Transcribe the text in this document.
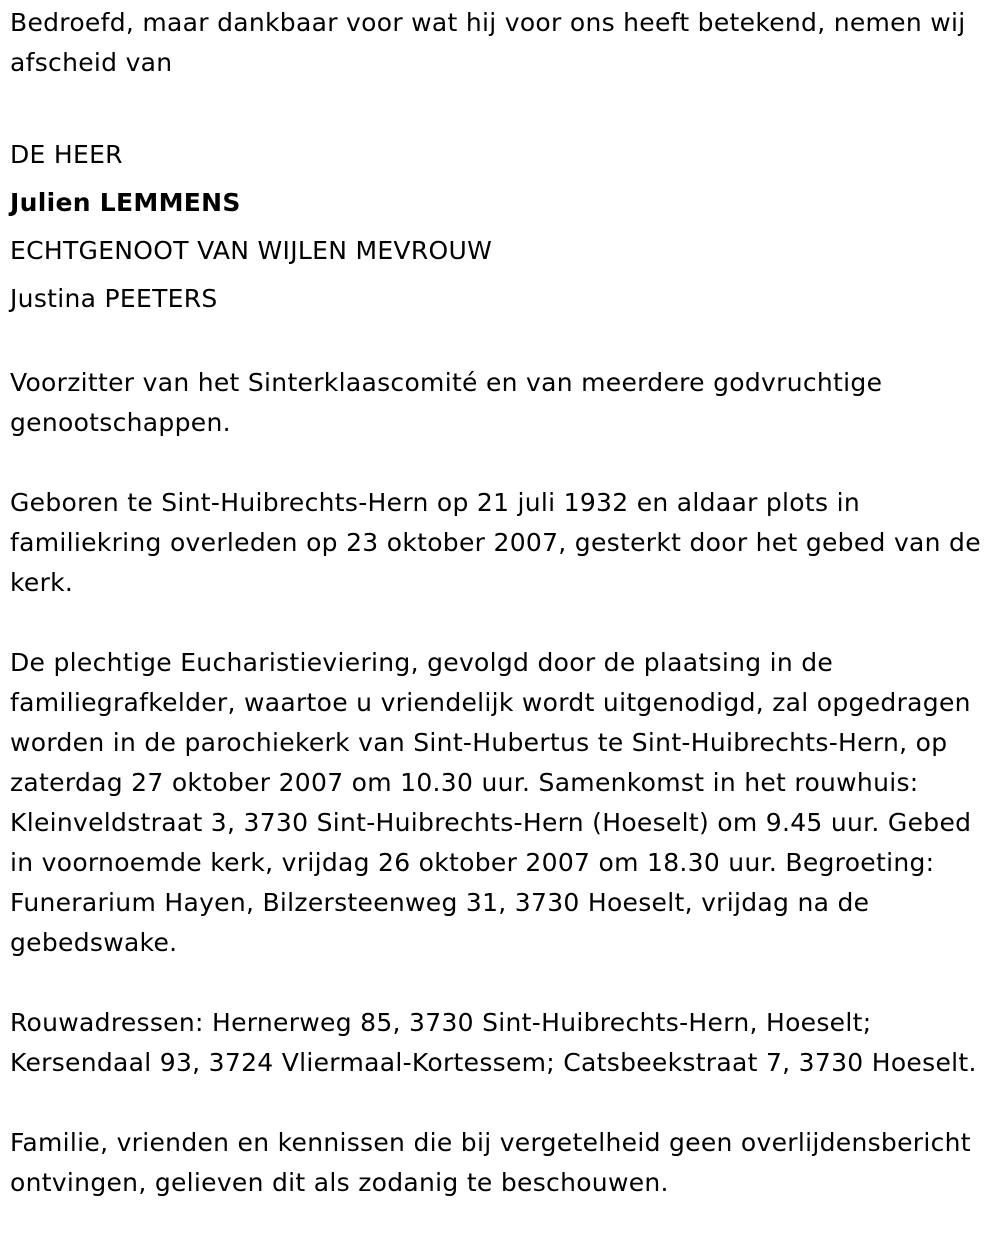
Bedroefd, maar dankbaar voor wat hij voor ons heeft betekend, nemen wij afscheid van

DE HEER

Julien LEMMENS

ECHTGENOOT VAN WIJLEN MEVROUW

Justina PEETERS

Voorzitter van het Sinterklaascomité en van meerdere godvruchtige genootschappen.

Geboren te Sint-Huibrechts-Hern op 21 juli 1932 en aldaar plots in familiekring overleden op 23 oktober 2007, gesterkt door het gebed van de kerk.

De plechtige Eucharistieviering, gevolgd door de plaatsing in de familiegrafkelder, waartoe u vriendelijk wordt uitgenodigd, zal opgedragen worden in de parochiekerk van Sint-Hubertus te Sint-Huibrechts-Hern, op zaterdag 27 oktober 2007 om 10.30 uur. Samenkomst in het rouwhuis: Kleinveldstraat 3, 3730 Sint-Huibrechts-Hern (Hoeselt) om 9.45 uur. Gebed in voornoemde kerk, vrijdag 26 oktober 2007 om 18.30 uur. Begroeting: Funerarium Hayen, Bilzersteenweg 31, 3730 Hoeselt, vrijdag na de gebedswake.

Rouwadressen: Hernerweg 85, 3730 Sint-Huibrechts-Hern, Hoeselt; Kersendaal 93, 3724 Vliermaal-Kortessem; Catsbeekstraat 7, 3730 Hoeselt.

Familie, vrienden en kennissen die bij vergetelheid geen overlijdensbericht ontvingen, gelieven dit als zodanig te beschouwen.
